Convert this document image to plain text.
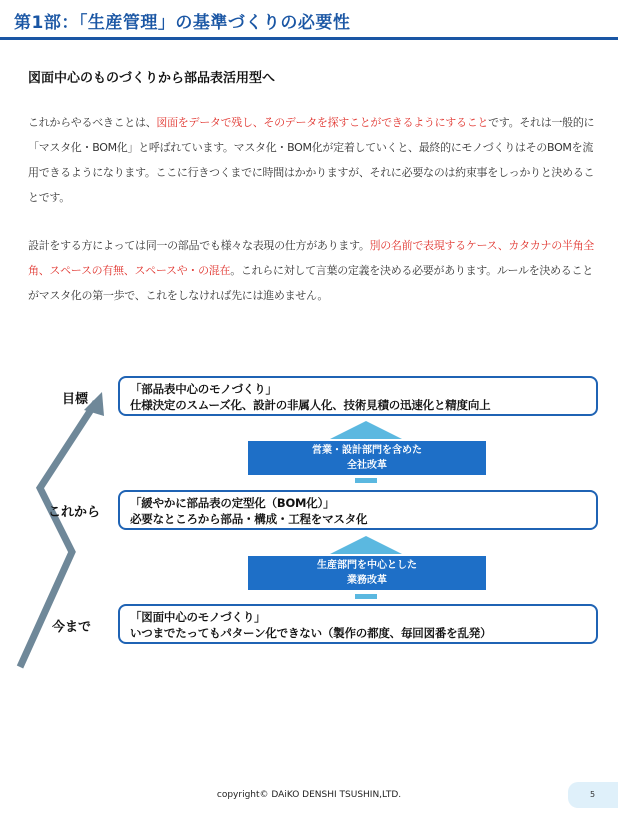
第1部：「生産管理」の基準づくりの必要性
図面中心のものづくりから部品表活用型へ
これからやるべきことは、図面をデータで残し、そのデータを探すことができるようにすることです。それは一般的に「マスタ化・BOM化」と呼ばれています。マスタ化・BOM化が定着していくと、最終的にモノづくりはそのBOMを流用できるようになります。ここに行きつくまでに時間はかかりますが、それに必要なのは約束事をしっかりと決めることです。
設計をする方によっては同一の部品でも様々な表現の仕方があります。別の名前で表現するケース、カタカナの半角全角、スペースの有無、スペースや・の混在。これらに対して言葉の定義を決める必要があります。ルールを決めることがマスタ化の第一歩で、これをしなければ先には進めません。
目標
「部品表中心のモノづくり」
仕様決定のスムーズ化、設計の非属人化、技術見積の迅速化と精度向上
営業・設計部門を含めた
全社改革
これから
「緩やかに部品表の定型化（BOM化）」
必要なところから部品・構成・工程をマスタ化
生産部門を中心とした
業務改革
今まで
「図面中心のモノづくり」
いつまでたってもパターン化できない（製作の都度、毎回図番を乱発）
copyright© DAiKO DENSHI TSUSHIN,LTD.	5
